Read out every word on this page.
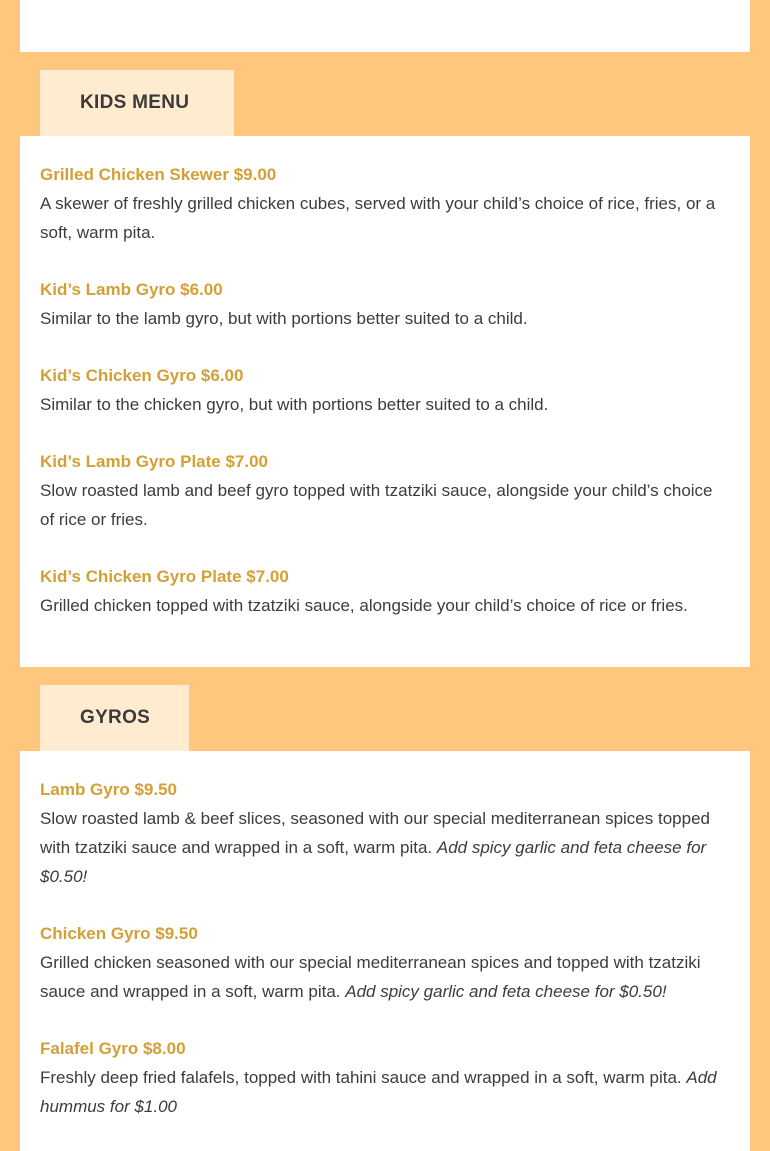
KIDS MENU

Grilled Chicken Skewer $9.00

A skewer of freshly grilled chicken cubes, served with your child’s choice of rice, fries, or a soft, warm pita.

Kid’s Lamb Gyro $6.00

Similar to the lamb gyro, but with portions better suited to a child.

Kid’s Chicken Gyro $6.00

Similar to the chicken gyro, but with portions better suited to a child.

Kid’s Lamb Gyro Plate $7.00

Slow roasted lamb and beef gyro topped with tzatziki sauce, alongside your child’s choice of rice or fries.

Kid’s Chicken Gyro Plate $7.00

Grilled chicken topped with tzatziki sauce, alongside your child’s choice of rice or fries.

GYROS

Lamb Gyro $9.50

Slow roasted lamb & beef slices, seasoned with our special mediterranean spices topped with tzatziki sauce and wrapped in a soft, warm pita. Add spicy garlic and feta cheese for $0.50!

Chicken Gyro $9.50

Grilled chicken seasoned with our special mediterranean spices and topped with tzatziki sauce and wrapped in a soft, warm pita. Add spicy garlic and feta cheese for $0.50!

Falafel Gyro $8.00

Freshly deep fried falafels, topped with tahini sauce and wrapped in a soft, warm pita. Add hummus for $1.00
